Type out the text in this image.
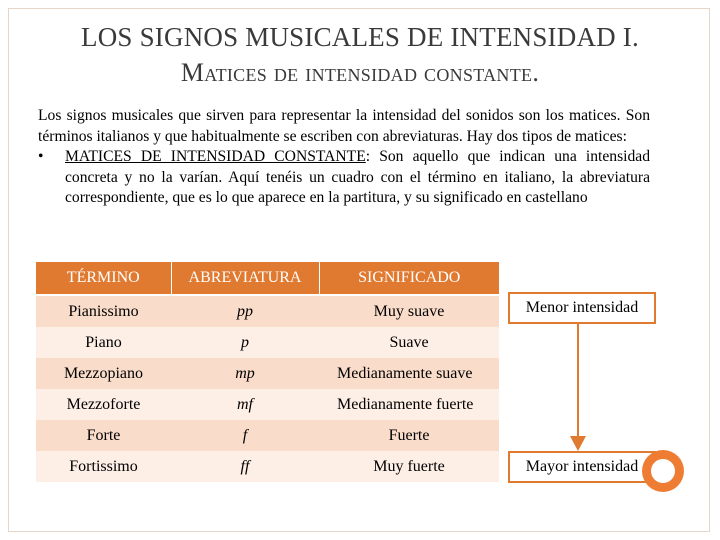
LOS SIGNOS MUSICALES DE INTENSIDAD I.
Matices de intensidad constante.

Los signos musicales que sirven para representar la intensidad del sonidos son los matices. Son términos italianos y que habitualmente se escriben con abreviaturas. Hay dos tipos de matices:

•	MATICES DE INTENSIDAD CONSTANTE: Son aquello que indican una intensidad concreta y no la varían. Aquí tenéis un cuadro con el término en italiano, la abreviatura correspondiente, que es lo que aparece en la partitura, y su significado en castellano
TÉRMINO	ABREVIATURA	SIGNIFICADO
Pianissimo	pp	Muy suave
Piano	p	Suave
Mezzopiano	mp	Medianamente suave
Mezzoforte	mf	Medianamente fuerte
Forte	f	Fuerte
Fortissimo	ff	Muy fuerte
Menor intensidad
Mayor intensidad
